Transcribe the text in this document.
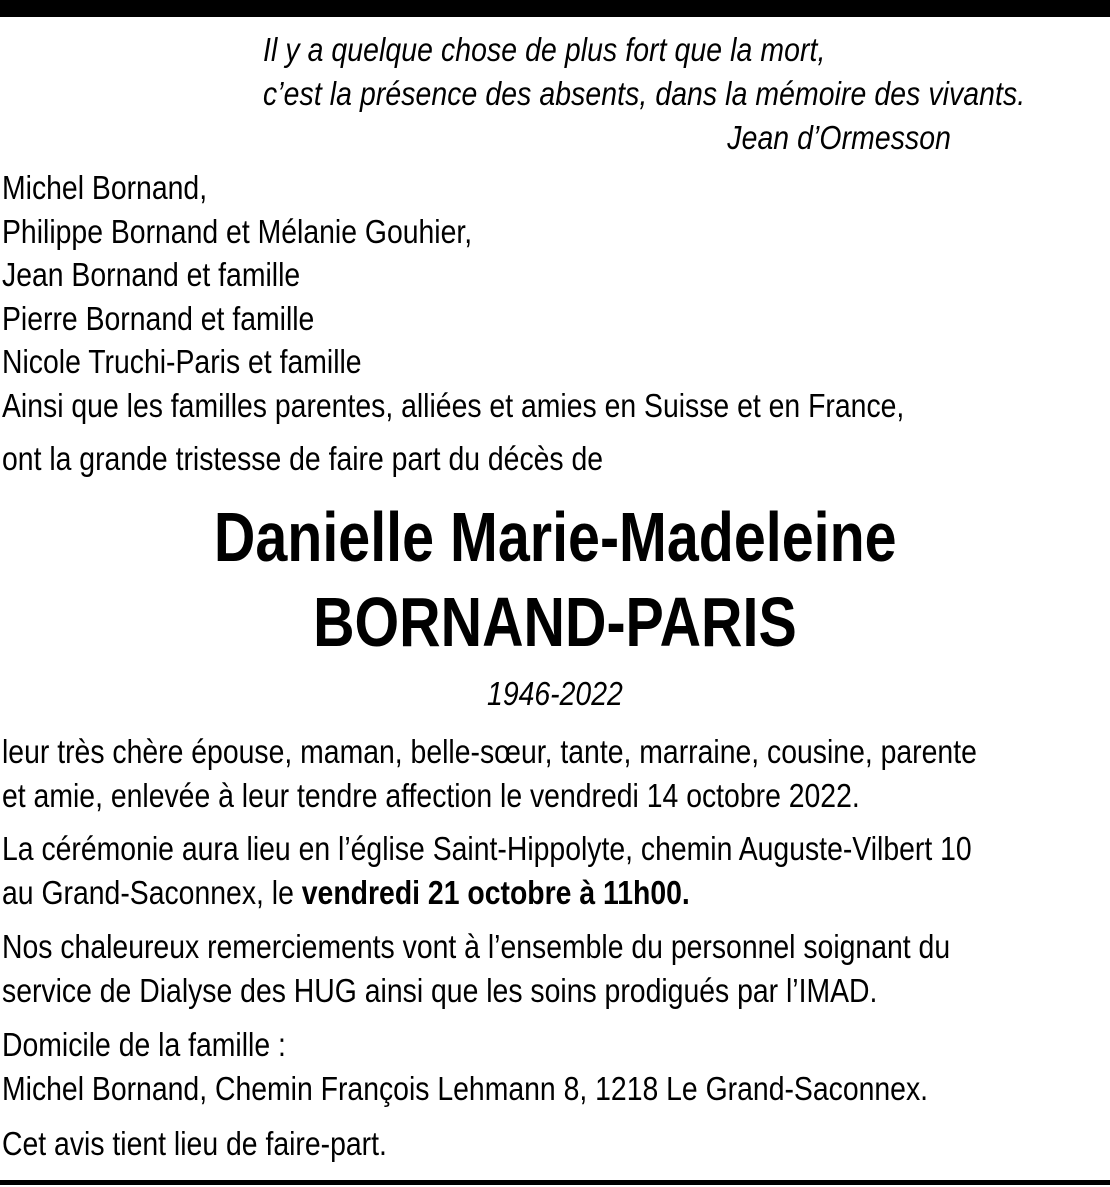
Il y a quelque chose de plus fort que la mort,
c’est la présence des absents, dans la mémoire des vivants.
Jean d’Ormesson
Michel Bornand,
Philippe Bornand et Mélanie Gouhier,
Jean Bornand et famille
Pierre Bornand et famille
Nicole Truchi-Paris et famille
Ainsi que les familles parentes, alliées et amies en Suisse et en France,
ont la grande tristesse de faire part du décès de
Danielle Marie-Madeleine
BORNAND-PARIS
1946-2022
leur très chère épouse, maman, belle-sœur, tante, marraine, cousine, parente
et amie, enlevée à leur tendre affection le vendredi 14 octobre 2022.
La cérémonie aura lieu en l’église Saint-Hippolyte, chemin Auguste-Vilbert 10
au Grand-Saconnex, le vendredi 21 octobre à 11h00.
Nos chaleureux remerciements vont à l’ensemble du personnel soignant du
service de Dialyse des HUG ainsi que les soins prodigués par l’IMAD.
Domicile de la famille :
Michel Bornand, Chemin François Lehmann 8, 1218 Le Grand-Saconnex.
Cet avis tient lieu de faire-part.
